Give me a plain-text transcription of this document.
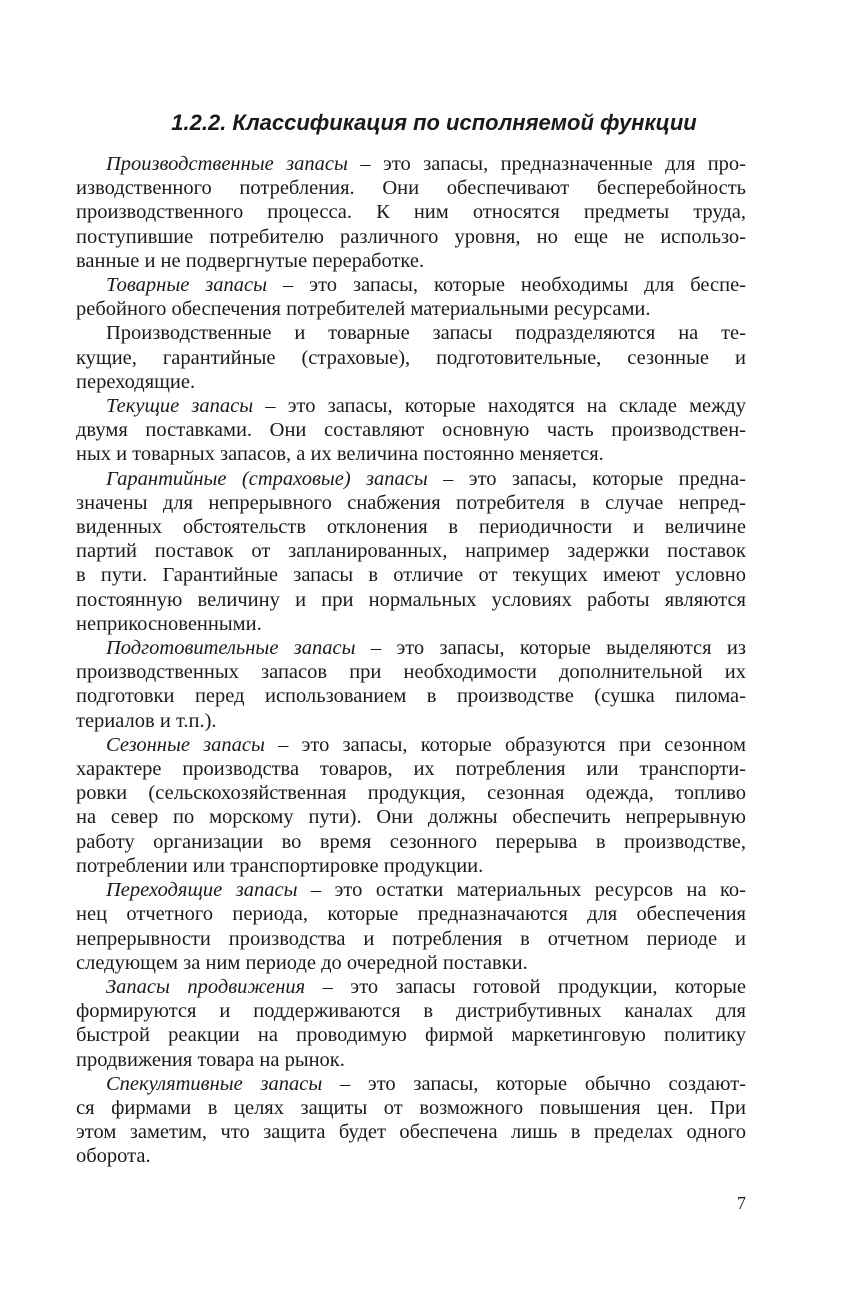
1.2.2. Классификация по исполняемой функции
Производственные запасы – это запасы, предназначенные для про-
изводственного потребления. Они обеспечивают бесперебойность
производственного процесса. К ним относятся предметы труда,
поступившие потребителю различного уровня, но еще не использо-
ванные и не подвергнутые переработке.
Товарные запасы – это запасы, которые необходимы для беспе-
ребойного обеспечения потребителей материальными ресурсами.
Производственные и товарные запасы подразделяются на те-
кущие, гарантийные (страховые), подготовительные, сезонные и
переходящие.
Текущие запасы – это запасы, которые находятся на складе между
двумя поставками. Они составляют основную часть производствен-
ных и товарных запасов, а их величина постоянно меняется.
Гарантийные (страховые) запасы – это запасы, которые предна-
значены для непрерывного снабжения потребителя в случае непред-
виденных обстоятельств отклонения в периодичности и величине
партий поставок от запланированных, например задержки поставок
в пути. Гарантийные запасы в отличие от текущих имеют условно
постоянную величину и при нормальных условиях работы являются
неприкосновенными.
Подготовительные запасы – это запасы, которые выделяются из
производственных запасов при необходимости дополнительной их
подготовки перед использованием в производстве (сушка пилома-
териалов и т.п.).
Сезонные запасы – это запасы, которые образуются при сезонном
характере производства товаров, их потребления или транспорти-
ровки (сельскохозяйственная продукция, сезонная одежда, топливо
на север по морскому пути). Они должны обеспечить непрерывную
работу организации во время сезонного перерыва в производстве,
потреблении или транспортировке продукции.
Переходящие запасы – это остатки материальных ресурсов на ко-
нец отчетного периода, которые предназначаются для обеспечения
непрерывности производства и потребления в отчетном периоде и
следующем за ним периоде до очередной поставки.
Запасы продвижения – это запасы готовой продукции, которые
формируются и поддерживаются в дистрибутивных каналах для
быстрой реакции на проводимую фирмой маркетинговую политику
продвижения товара на рынок.
Спекулятивные запасы – это запасы, которые обычно создают-
ся фирмами в целях защиты от возможного повышения цен. При
этом заметим, что защита будет обеспечена лишь в пределах одного
оборота.
7
